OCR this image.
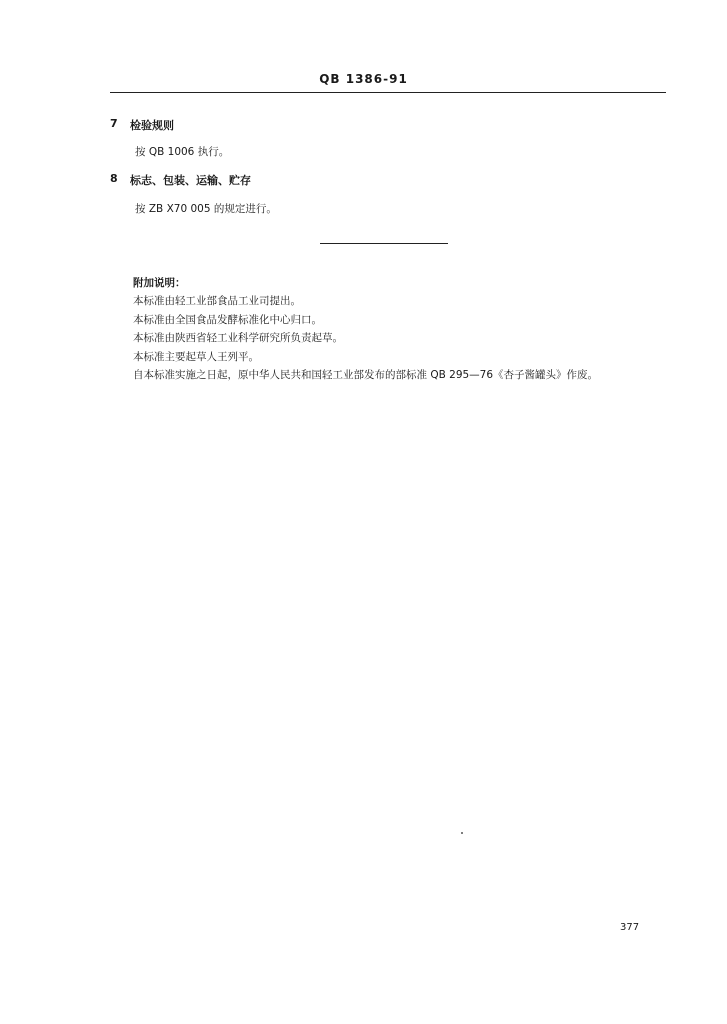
QB 1386-91
7 检验规则
按 QB 1006 执行。
8 标志、包装、运输、贮存
按 ZB X70 005 的规定进行。
附加说明：
本标准由轻工业部食品工业司提出。
本标准由全国食品发酵标准化中心归口。
本标准由陕西省轻工业科学研究所负责起草。
本标准主要起草人王列平。
自本标准实施之日起，原中华人民共和国轻工业部发布的部标准 QB 295—76《杏子酱罐头》作废。
377
